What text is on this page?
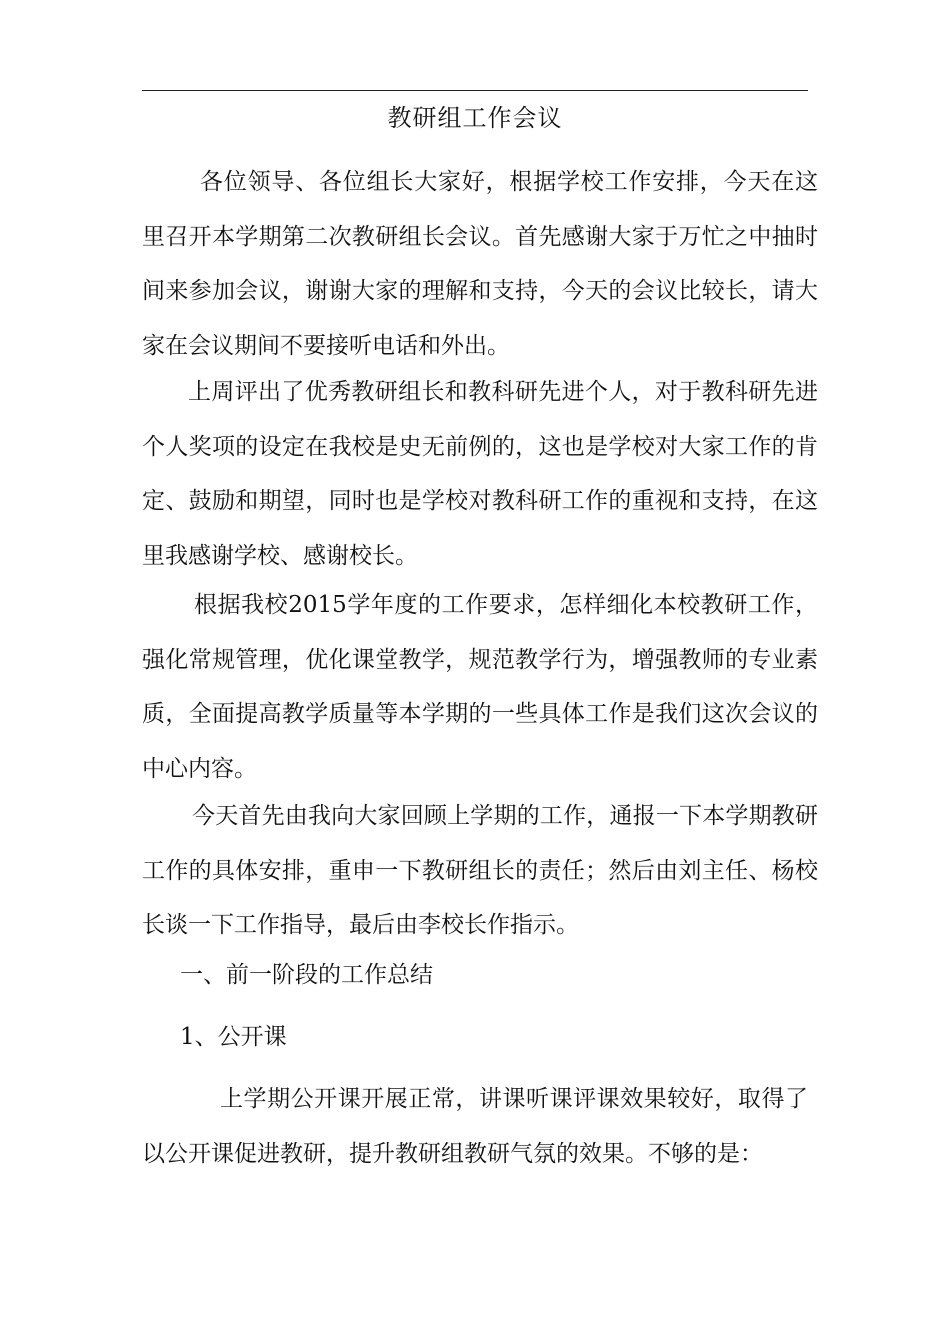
教研组工作会议

各位领导、各位组长大家好，根据学校工作安排，今天在这里召开本学期第二次教研组长会议。首先感谢大家于万忙之中抽时间来参加会议，谢谢大家的理解和支持，今天的会议比较长，请大家在会议期间不要接听电话和外出。

上周评出了优秀教研组长和教科研先进个人，对于教科研先进个人奖项的设定在我校是史无前例的，这也是学校对大家工作的肯定、鼓励和期望，同时也是学校对教科研工作的重视和支持，在这里我感谢学校、感谢校长。

根据我校2015学年度的工作要求，怎样细化本校教研工作，强化常规管理，优化课堂教学，规范教学行为，增强教师的专业素质，全面提高教学质量等本学期的一些具体工作是我们这次会议的中心内容。

今天首先由我向大家回顾上学期的工作，通报一下本学期教研工作的具体安排，重申一下教研组长的责任；然后由刘主任、杨校长谈一下工作指导，最后由李校长作指示。

一、前一阶段的工作总结

1、公开课

上学期公开课开展正常，讲课听课评课效果较好，取得了以公开课促进教研，提升教研组教研气氛的效果。不够的是：
